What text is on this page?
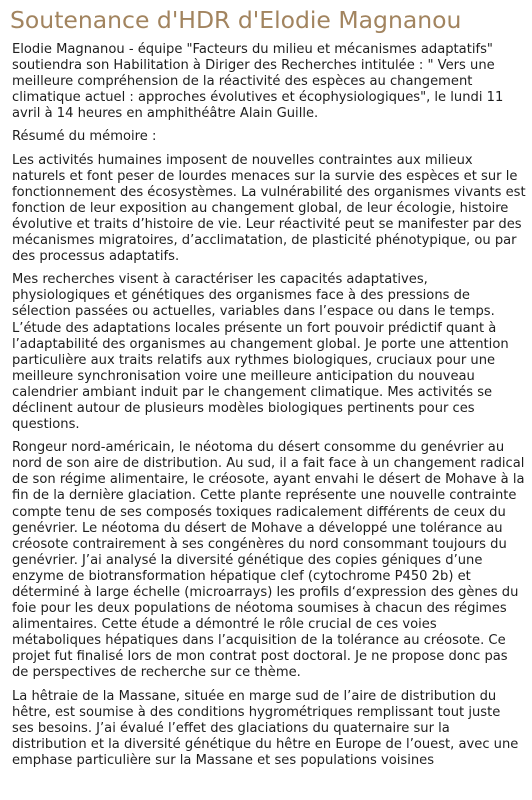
Soutenance d'HDR d'Elodie Magnanou

Elodie Magnanou - équipe "Facteurs du milieu et mécanismes adaptatifs" soutiendra son Habilitation à Diriger des Recherches intitulée : " Vers une meilleure compréhension de la réactivité des espèces au changement climatique actuel : approches évolutives et écophysiologiques", le lundi 11 avril à 14 heures en amphithéâtre Alain Guille.

Résumé du mémoire :

Les activités humaines imposent de nouvelles contraintes aux milieux naturels et font peser de lourdes menaces sur la survie des espèces et sur le fonctionnement des écosystèmes. La vulnérabilité des organismes vivants est fonction de leur exposition au changement global, de leur écologie, histoire évolutive et traits d’histoire de vie. Leur réactivité peut se manifester par des mécanismes migratoires, d’acclimatation, de plasticité phénotypique, ou par des processus adaptatifs.

Mes recherches visent à caractériser les capacités adaptatives, physiologiques et génétiques des organismes face à des pressions de sélection passées ou actuelles, variables dans l’espace ou dans le temps. L’étude des adaptations locales présente un fort pouvoir prédictif quant à l’adaptabilité des organismes au changement global. Je porte une attention particulière aux traits relatifs aux rythmes biologiques, cruciaux pour une meilleure synchronisation voire une meilleure anticipation du nouveau calendrier ambiant induit par le changement climatique. Mes activités se déclinent autour de plusieurs modèles biologiques pertinents pour ces questions.

Rongeur nord-américain, le néotoma du désert consomme du genévrier au nord de son aire de distribution. Au sud, il a fait face à un changement radical de son régime alimentaire, le créosote, ayant envahi le désert de Mohave à la fin de la dernière glaciation. Cette plante représente une nouvelle contrainte compte tenu de ses composés toxiques radicalement différents de ceux du genévrier. Le néotoma du désert de Mohave a développé une tolérance au créosote contrairement à ses congénères du nord consommant toujours du genévrier. J’ai analysé la diversité génétique des copies géniques d’une enzyme de biotransformation hépatique clef (cytochrome P450 2b) et déterminé à large échelle (microarrays) les profils d‘expression des gènes du foie pour les deux populations de néotoma soumises à chacun des régimes alimentaires. Cette étude a démontré le rôle crucial de ces voies métaboliques hépatiques dans l’acquisition de la tolérance au créosote. Ce projet fut finalisé lors de mon contrat post doctoral. Je ne propose donc pas de perspectives de recherche sur ce thème.

La hêtraie de la Massane, située en marge sud de l’aire de distribution du hêtre, est soumise à des conditions hygrométriques remplissant tout juste ses besoins. J’ai évalué l’effet des glaciations du quaternaire sur la distribution et la diversité génétique du hêtre en Europe de l’ouest, avec une emphase particulière sur la Massane et ses populations voisines
